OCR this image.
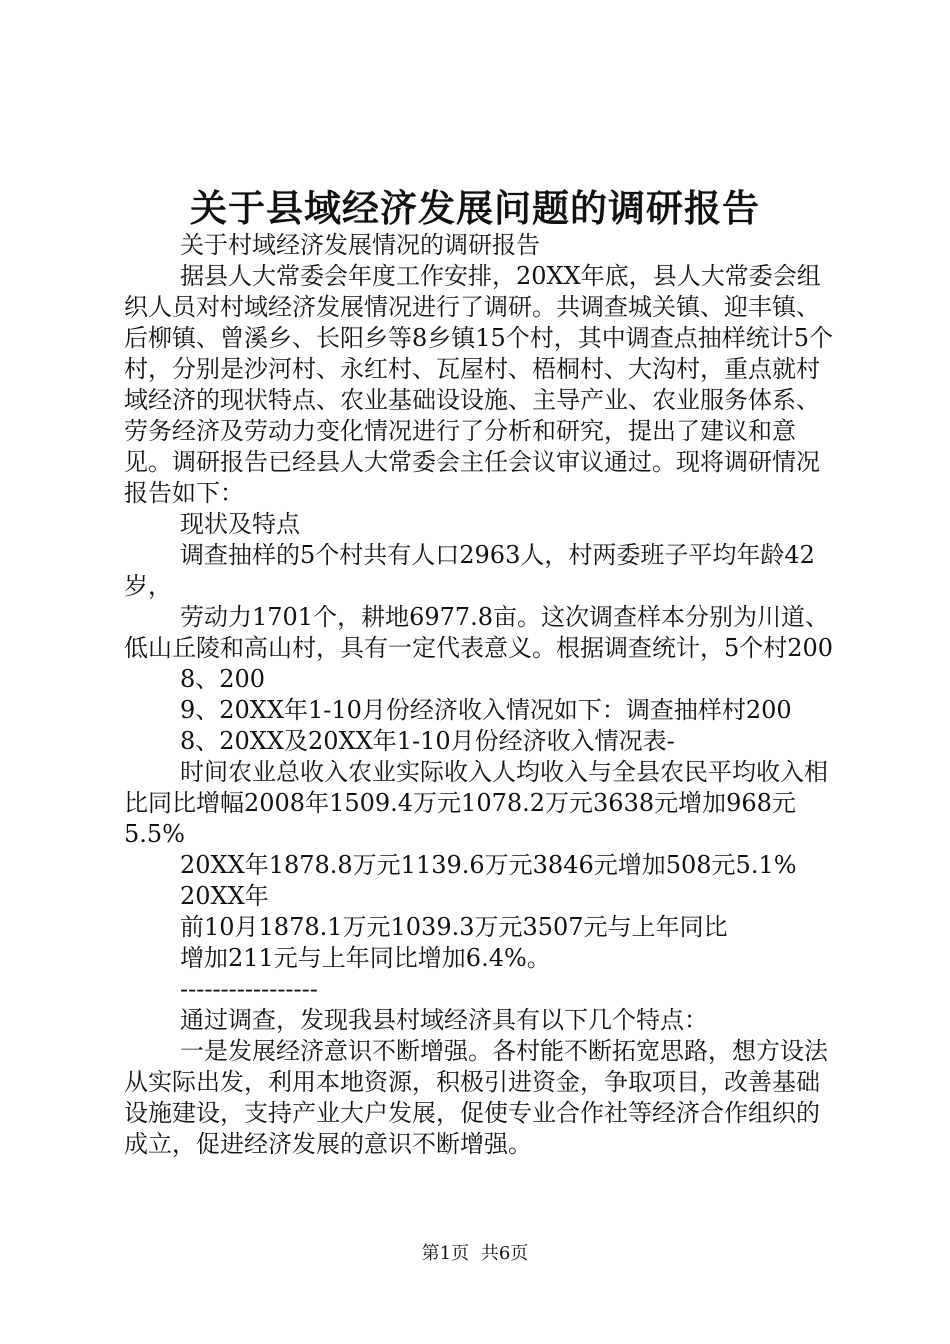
关于县域经济发展问题的调研报告

关于村域经济发展情况的调研报告

据县人大常委会年度工作安排，20XX年底，县人大常委会组织人员对村域经济发展情况进行了调研。共调查城关镇、迎丰镇、后柳镇、曾溪乡、长阳乡等8乡镇15个村，其中调查点抽样统计5个村，分别是沙河村、永红村、瓦屋村、梧桐村、大沟村，重点就村域经济的现状特点、农业基础设设施、主导产业、农业服务体系、劳务经济及劳动力变化情况进行了分析和研究，提出了建议和意见。调研报告已经县人大常委会主任会议审议通过。现将调研情况报告如下：

现状及特点

调查抽样的5个村共有人口2963人，村两委班子平均年龄42岁，

劳动力1701个，耕地6977.8亩。这次调查样本分别为川道、低山丘陵和高山村，具有一定代表意义。根据调查统计，5个村200

8、200

9、20XX年1-10月份经济收入情况如下：调查抽样村200

8、20XX及20XX年1-10月份经济收入情况表-

时间农业总收入农业实际收入人均收入与全县农民平均收入相比同比增幅2008年1509.4万元1078.2万元3638元增加968元5.5%

20XX年1878.8万元1139.6万元3846元增加508元5.1%

20XX年

前10月1878.1万元1039.3万元3507元与上年同比

增加211元与上年同比增加6.4%。

-----------------

通过调查，发现我县村域经济具有以下几个特点：

一是发展经济意识不断增强。各村能不断拓宽思路，想方设法从实际出发，利用本地资源，积极引进资金，争取项目，改善基础设施建设，支持产业大户发展，促使专业合作社等经济合作组织的成立，促进经济发展的意识不断增强。

第1页 共6页
